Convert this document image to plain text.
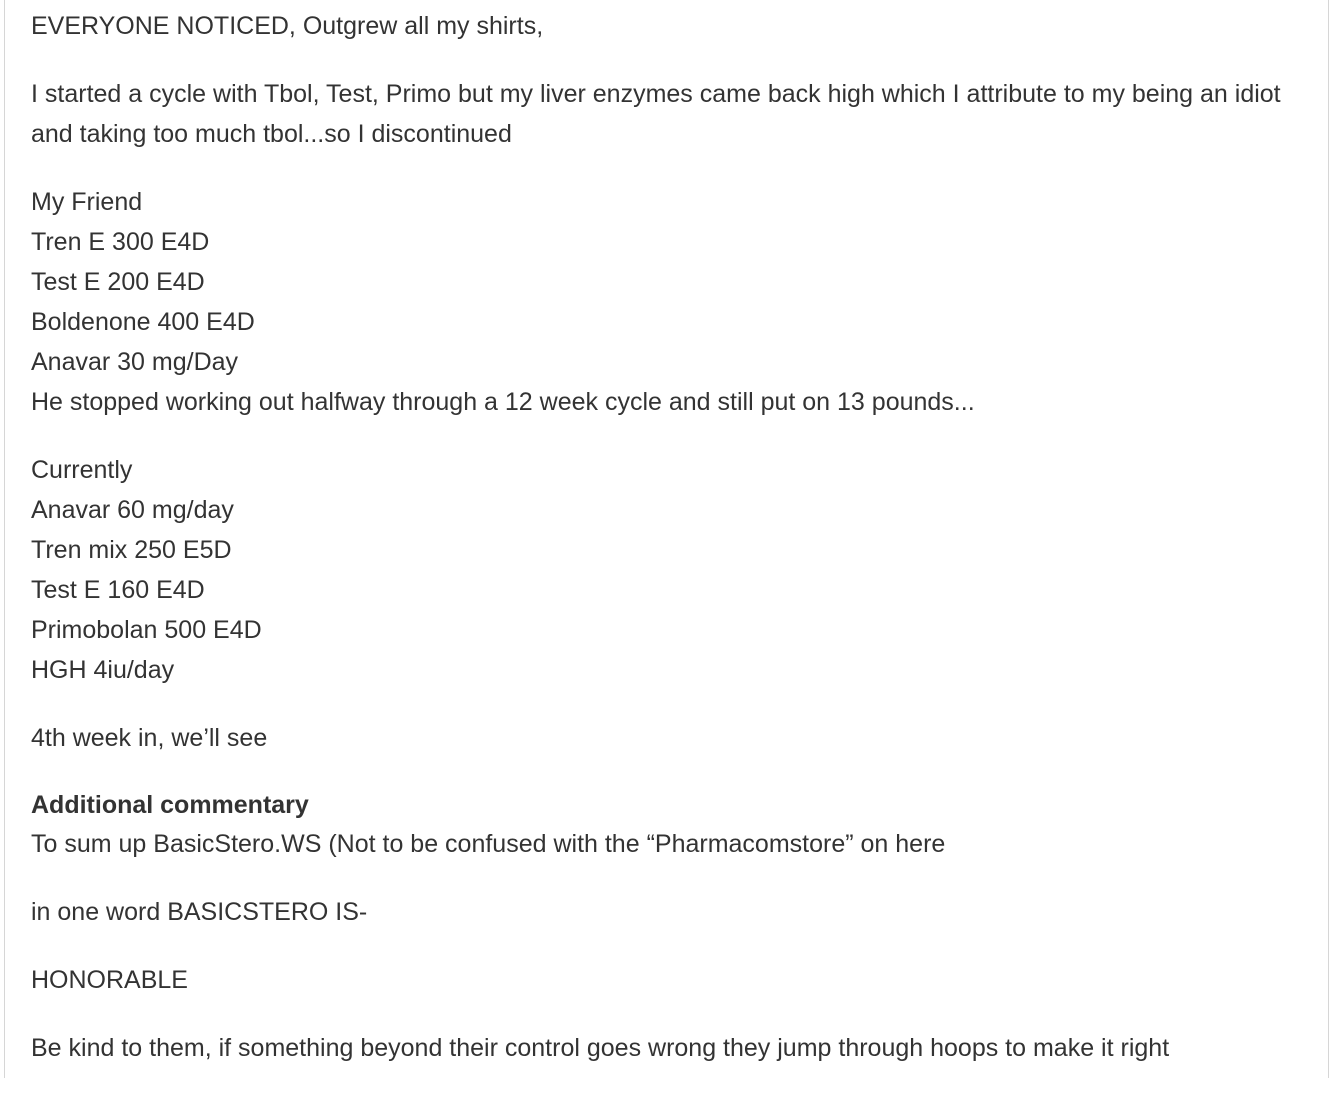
EVERYONE NOTICED, Outgrew all my shirts,

I started a cycle with Tbol, Test, Primo but my liver enzymes came back high which I attribute to my being an idiot and taking too much tbol...so I discontinued

My Friend
Tren E 300 E4D
Test E 200 E4D
Boldenone 400 E4D
Anavar 30 mg/Day
He stopped working out halfway through a 12 week cycle and still put on 13 pounds...

Currently
Anavar 60 mg/day
Tren mix 250 E5D
Test E 160 E4D
Primobolan 500 E4D
HGH 4iu/day

4th week in, we’ll see

Additional commentary
To sum up BasicStero.WS (Not to be confused with the “Pharmacomstore” on here

in one word BASICSTERO IS-

HONORABLE

Be kind to them, if something beyond their control goes wrong they jump through hoops to make it right
